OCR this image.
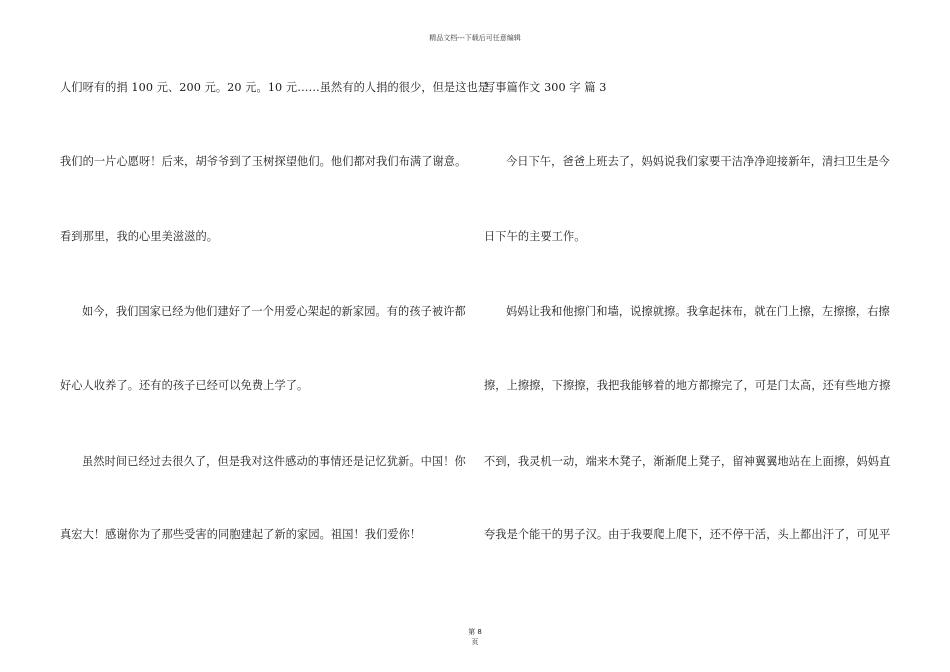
精品文档---下载后可任意编辑
人们呀有的捐 100 元、200 元。20 元。10 元……虽然有的人捐的很少，但是这也是
我们的一片心愿呀！后来，胡爷爷到了玉树探望他们。他们都对我们布满了谢意。
看到那里，我的心里美滋滋的。
如今，我们国家已经为他们建好了一个用爱心架起的新家园。有的孩子被许都
好心人收养了。还有的孩子已经可以免费上学了。
虽然时间已经过去很久了，但是我对这件感动的事情还是记忆犹新。中国！你
真宏大！感谢你为了那些受害的同胞建起了新的家园。祖国！我们爱你！
写事篇作文 300 字 篇 3
今日下午，爸爸上班去了，妈妈说我们家要干洁净净迎接新年，清扫卫生是今
日下午的主要工作。
妈妈让我和他擦门和墙，说擦就擦。我拿起抹布，就在门上擦，左擦擦，右擦
擦，上擦擦，下擦擦，我把我能够着的地方都擦完了，可是门太高，还有些地方擦
不到，我灵机一动，端来木凳子，渐渐爬上凳子，留神翼翼地站在上面擦，妈妈直
夸我是个能干的男子汉。由于我要爬上爬下，还不停干活，头上都出汗了，可见平
第 8
页
